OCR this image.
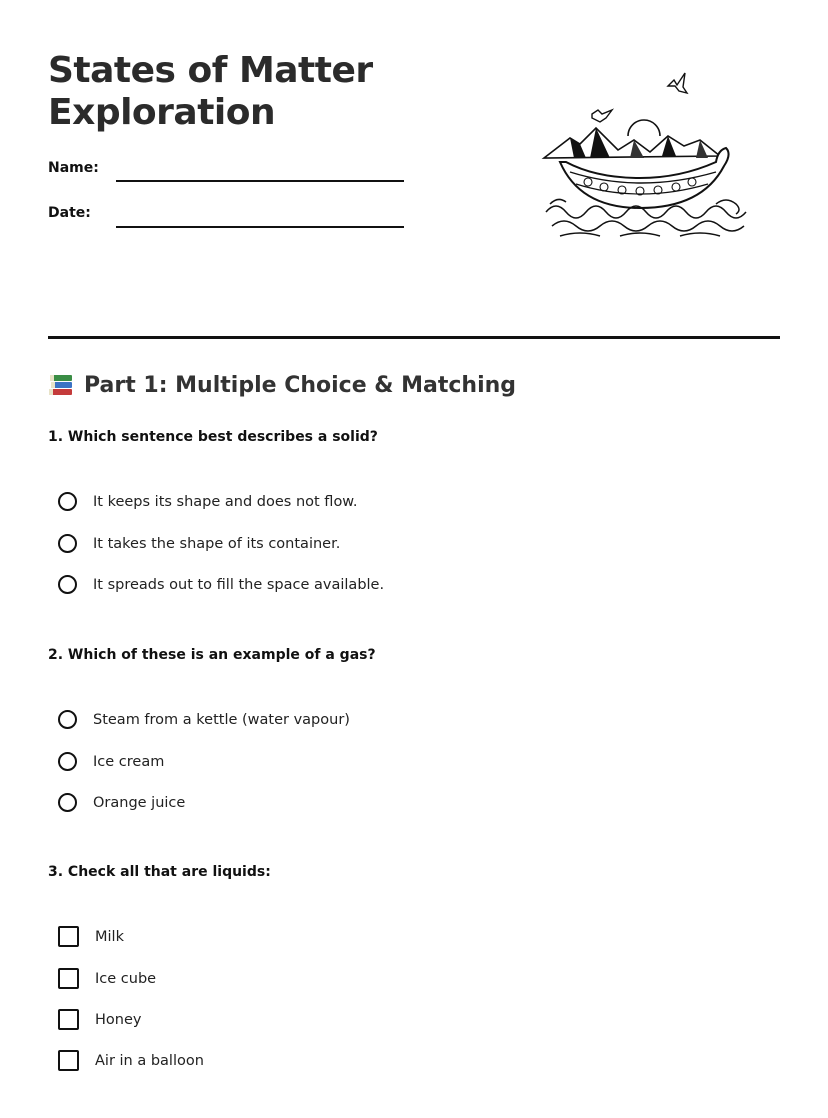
States of Matter
Exploration
Name:
Date:
Part 1: Multiple Choice & Matching
1. Which sentence best describes a solid?
It keeps its shape and does not flow.
It takes the shape of its container.
It spreads out to fill the space available.
2. Which of these is an example of a gas?
Steam from a kettle (water vapour)
Ice cream
Orange juice
3. Check all that are liquids:
Milk
Ice cube
Honey
Air in a balloon
